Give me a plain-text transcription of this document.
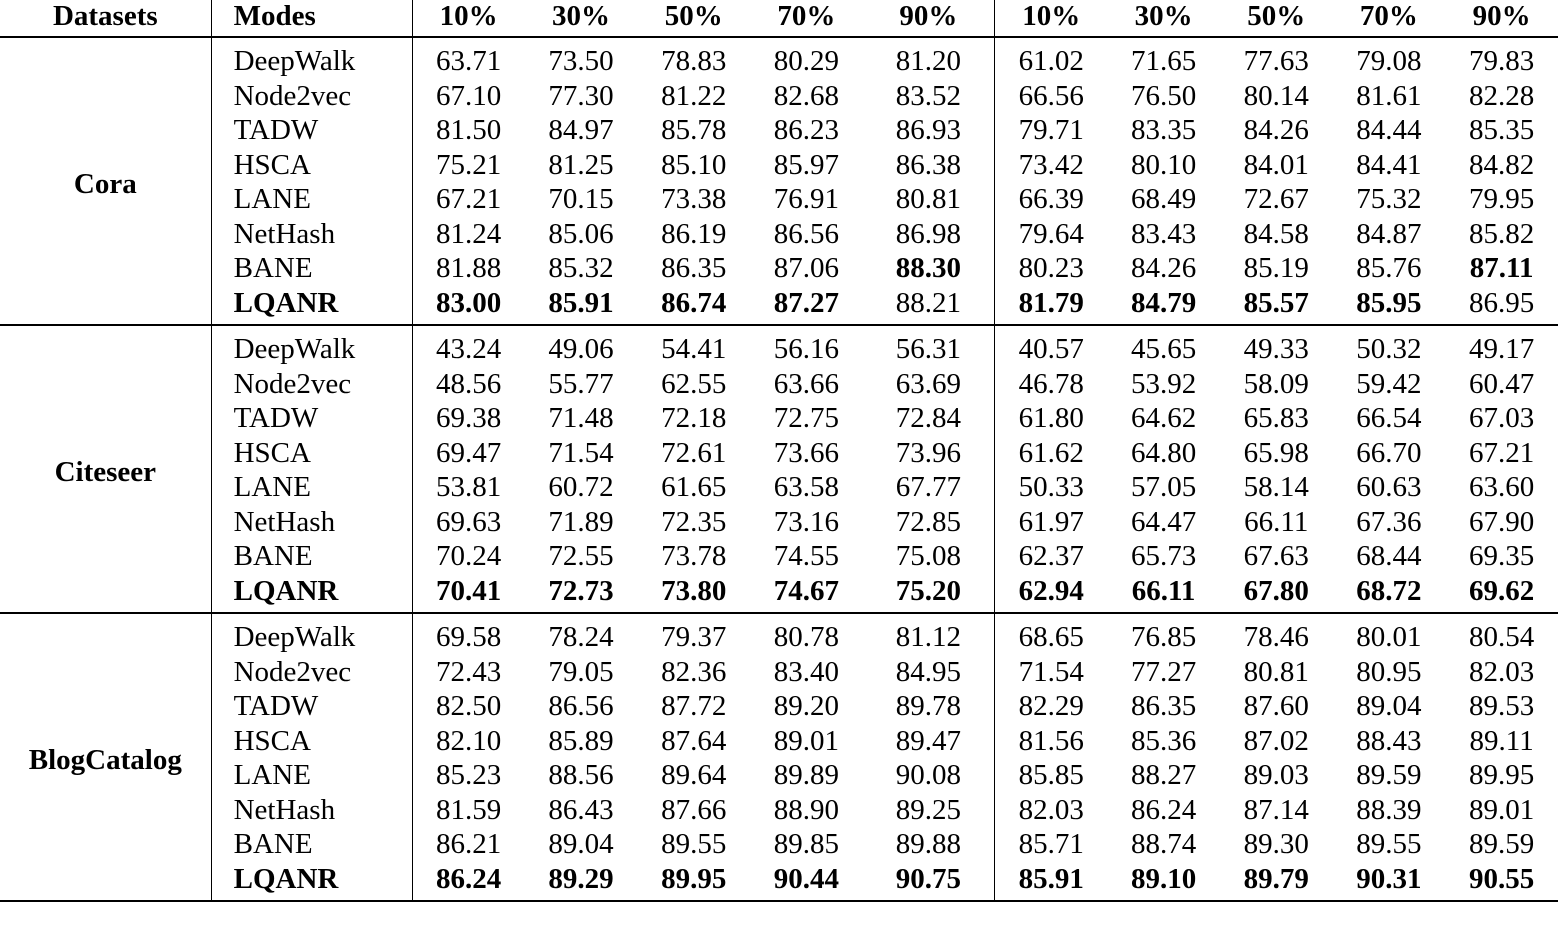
Datasets	Modes	10%	30%	50%	70%	90%	10%	30%	50%	70%	90%
Cora	DeepWalk	63.71	73.50	78.83	80.29	81.20	61.02	71.65	77.63	79.08	79.83
	Node2vec	67.10	77.30	81.22	82.68	83.52	66.56	76.50	80.14	81.61	82.28
	TADW	81.50	84.97	85.78	86.23	86.93	79.71	83.35	84.26	84.44	85.35
	HSCA	75.21	81.25	85.10	85.97	86.38	73.42	80.10	84.01	84.41	84.82
	LANE	67.21	70.15	73.38	76.91	80.81	66.39	68.49	72.67	75.32	79.95
	NetHash	81.24	85.06	86.19	86.56	86.98	79.64	83.43	84.58	84.87	85.82
	BANE	81.88	85.32	86.35	87.06	88.30	80.23	84.26	85.19	85.76	87.11
	LQANR	83.00	85.91	86.74	87.27	88.21	81.79	84.79	85.57	85.95	86.95
Citeseer	DeepWalk	43.24	49.06	54.41	56.16	56.31	40.57	45.65	49.33	50.32	49.17
	Node2vec	48.56	55.77	62.55	63.66	63.69	46.78	53.92	58.09	59.42	60.47
	TADW	69.38	71.48	72.18	72.75	72.84	61.80	64.62	65.83	66.54	67.03
	HSCA	69.47	71.54	72.61	73.66	73.96	61.62	64.80	65.98	66.70	67.21
	LANE	53.81	60.72	61.65	63.58	67.77	50.33	57.05	58.14	60.63	63.60
	NetHash	69.63	71.89	72.35	73.16	72.85	61.97	64.47	66.11	67.36	67.90
	BANE	70.24	72.55	73.78	74.55	75.08	62.37	65.73	67.63	68.44	69.35
	LQANR	70.41	72.73	73.80	74.67	75.20	62.94	66.11	67.80	68.72	69.62
BlogCatalog	DeepWalk	69.58	78.24	79.37	80.78	81.12	68.65	76.85	78.46	80.01	80.54
	Node2vec	72.43	79.05	82.36	83.40	84.95	71.54	77.27	80.81	80.95	82.03
	TADW	82.50	86.56	87.72	89.20	89.78	82.29	86.35	87.60	89.04	89.53
	HSCA	82.10	85.89	87.64	89.01	89.47	81.56	85.36	87.02	88.43	89.11
	LANE	85.23	88.56	89.64	89.89	90.08	85.85	88.27	89.03	89.59	89.95
	NetHash	81.59	86.43	87.66	88.90	89.25	82.03	86.24	87.14	88.39	89.01
	BANE	86.21	89.04	89.55	89.85	89.88	85.71	88.74	89.30	89.55	89.59
	LQANR	86.24	89.29	89.95	90.44	90.75	85.91	89.10	89.79	90.31	90.55
